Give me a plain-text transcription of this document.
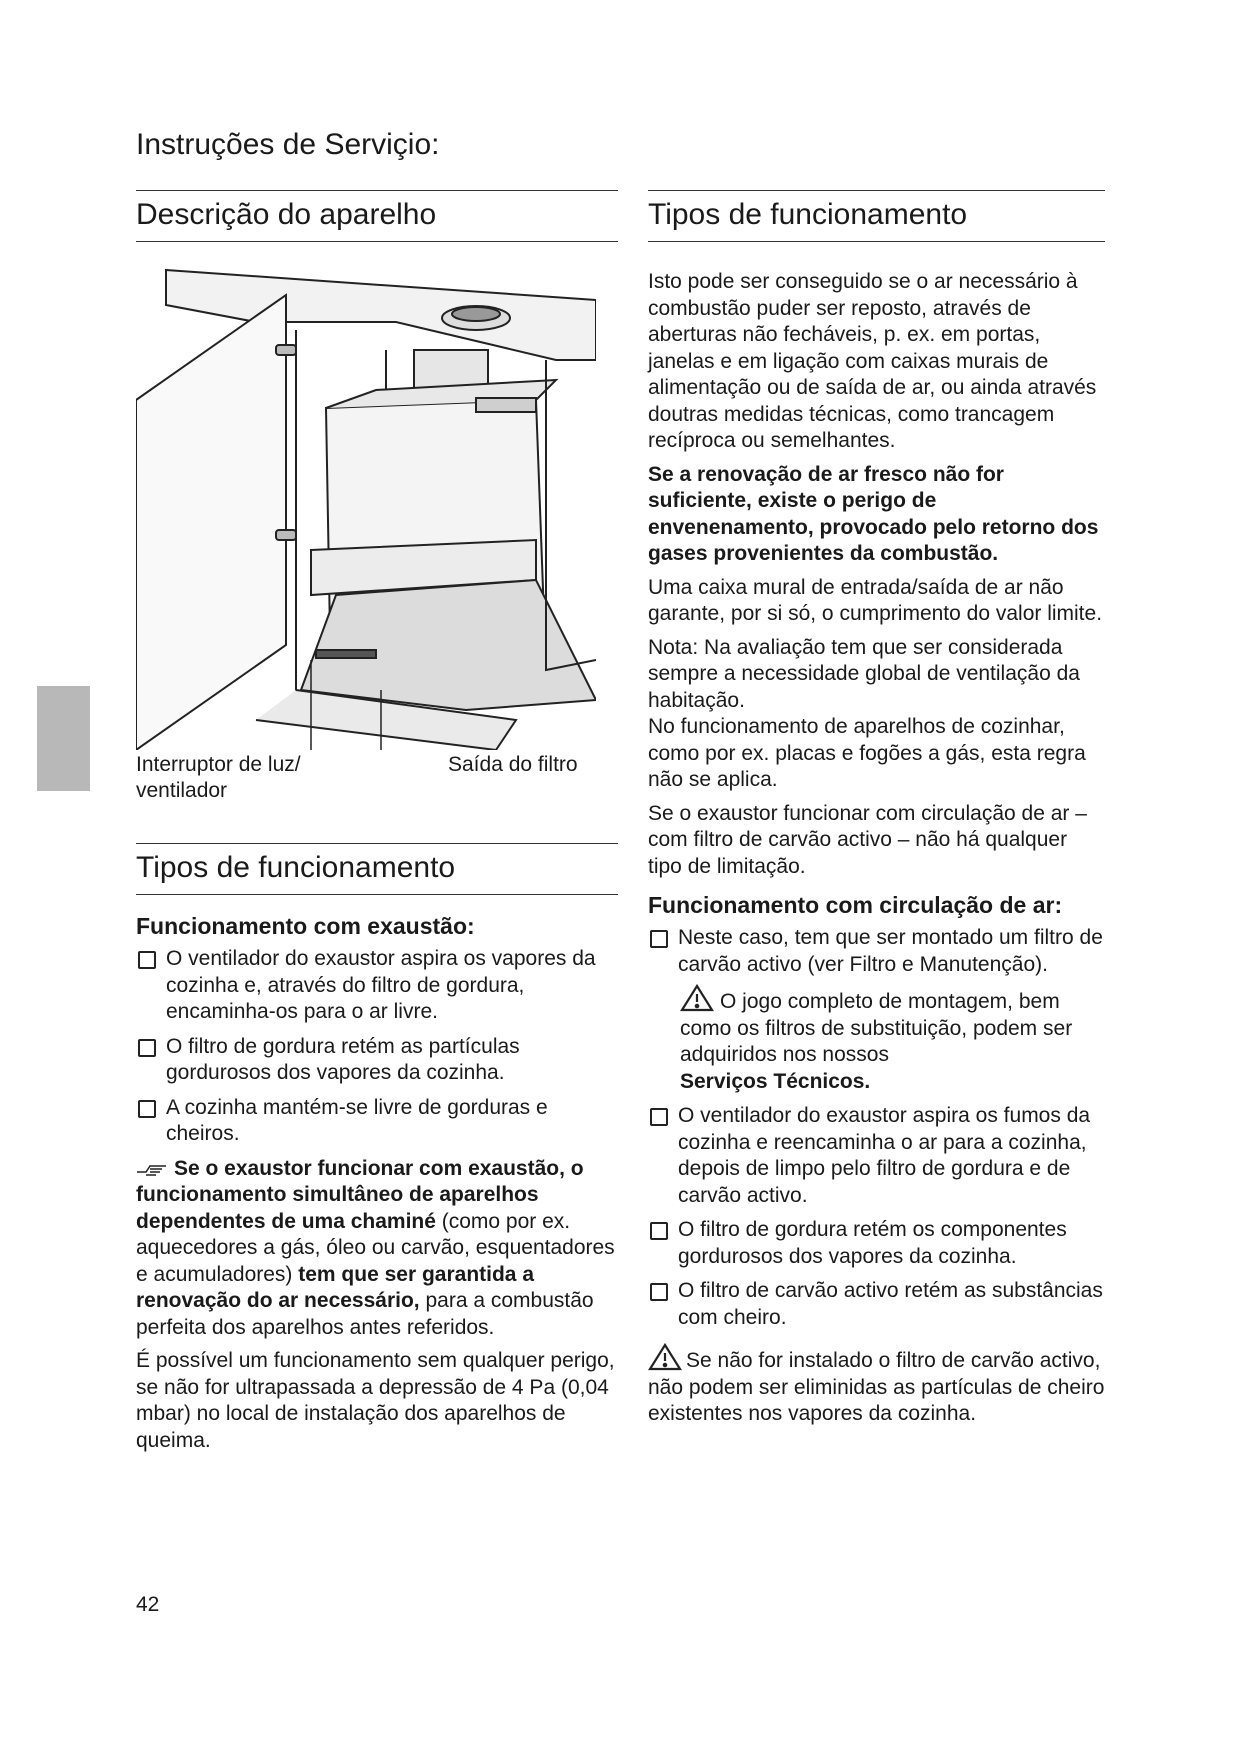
Instruções de Serviçio:
Descrição do aparelho
Interruptor de luz/
ventilador
Saída do filtro
Tipos de funcionamento
Funcionamento com exaustão:
O ventilador do exaustor aspira os vapores da cozinha e, através do filtro de gordura, encaminha-os para o ar livre.
O filtro de gordura retém as partículas gordurosos dos vapores da cozinha.
A cozinha mantém-se livre de gorduras e cheiros.

Se o exaustor funcionar com exaustão, o funcionamento simultâneo de aparelhos dependentes de uma chaminé (como por ex. aquecedores a gás, óleo ou carvão, esquentadores e acumuladores) tem que ser garantida a renovação do ar necessário, para a combustão perfeita dos aparelhos antes referidos.

É possível um funcionamento sem qualquer perigo, se não for ultrapassada a depressão de 4 Pa (0,04 mbar) no local de instalação dos aparelhos de queima.

Tipos de funcionamento

Isto pode ser conseguido se o ar necessário à combustão puder ser reposto, através de aberturas não fecháveis, p. ex. em portas, janelas e em ligação com caixas murais de alimentação ou de saída de ar, ou ainda através doutras medidas técnicas, como trancagem recíproca ou semelhantes.

Se a renovação de ar fresco não for suficiente, existe o perigo de envenenamento, provocado pelo retorno dos gases provenientes da combustão.

Uma caixa mural de entrada/saída de ar não garante, por si só, o cumprimento do valor limite.

Nota: Na avaliação tem que ser considerada sempre a necessidade global de ventilação da habitação.

No funcionamento de aparelhos de cozinhar, como por ex. placas e fogões a gás, esta regra não se aplica.

Se o exaustor funcionar com circulação de ar – com filtro de carvão activo – não há qualquer tipo de limitação.

Funcionamento com circulação de ar:
Neste caso, tem que ser montado um filtro de carvão activo (ver Filtro e Manutenção).
O jogo completo de montagem, bem como os filtros de substituição, podem ser adquiridos nos nossos
Serviços Técnicos.
O ventilador do exaustor aspira os fumos da cozinha e reencaminha o ar para a cozinha, depois de limpo pelo filtro de gordura e de carvão activo.
O filtro de gordura retém os componentes gordurosos dos vapores da cozinha.
O filtro de carvão activo retém as substâncias com cheiro.

Se não for instalado o filtro de carvão activo, não podem ser eliminidas as partículas de cheiro existentes nos vapores da cozinha.

42
